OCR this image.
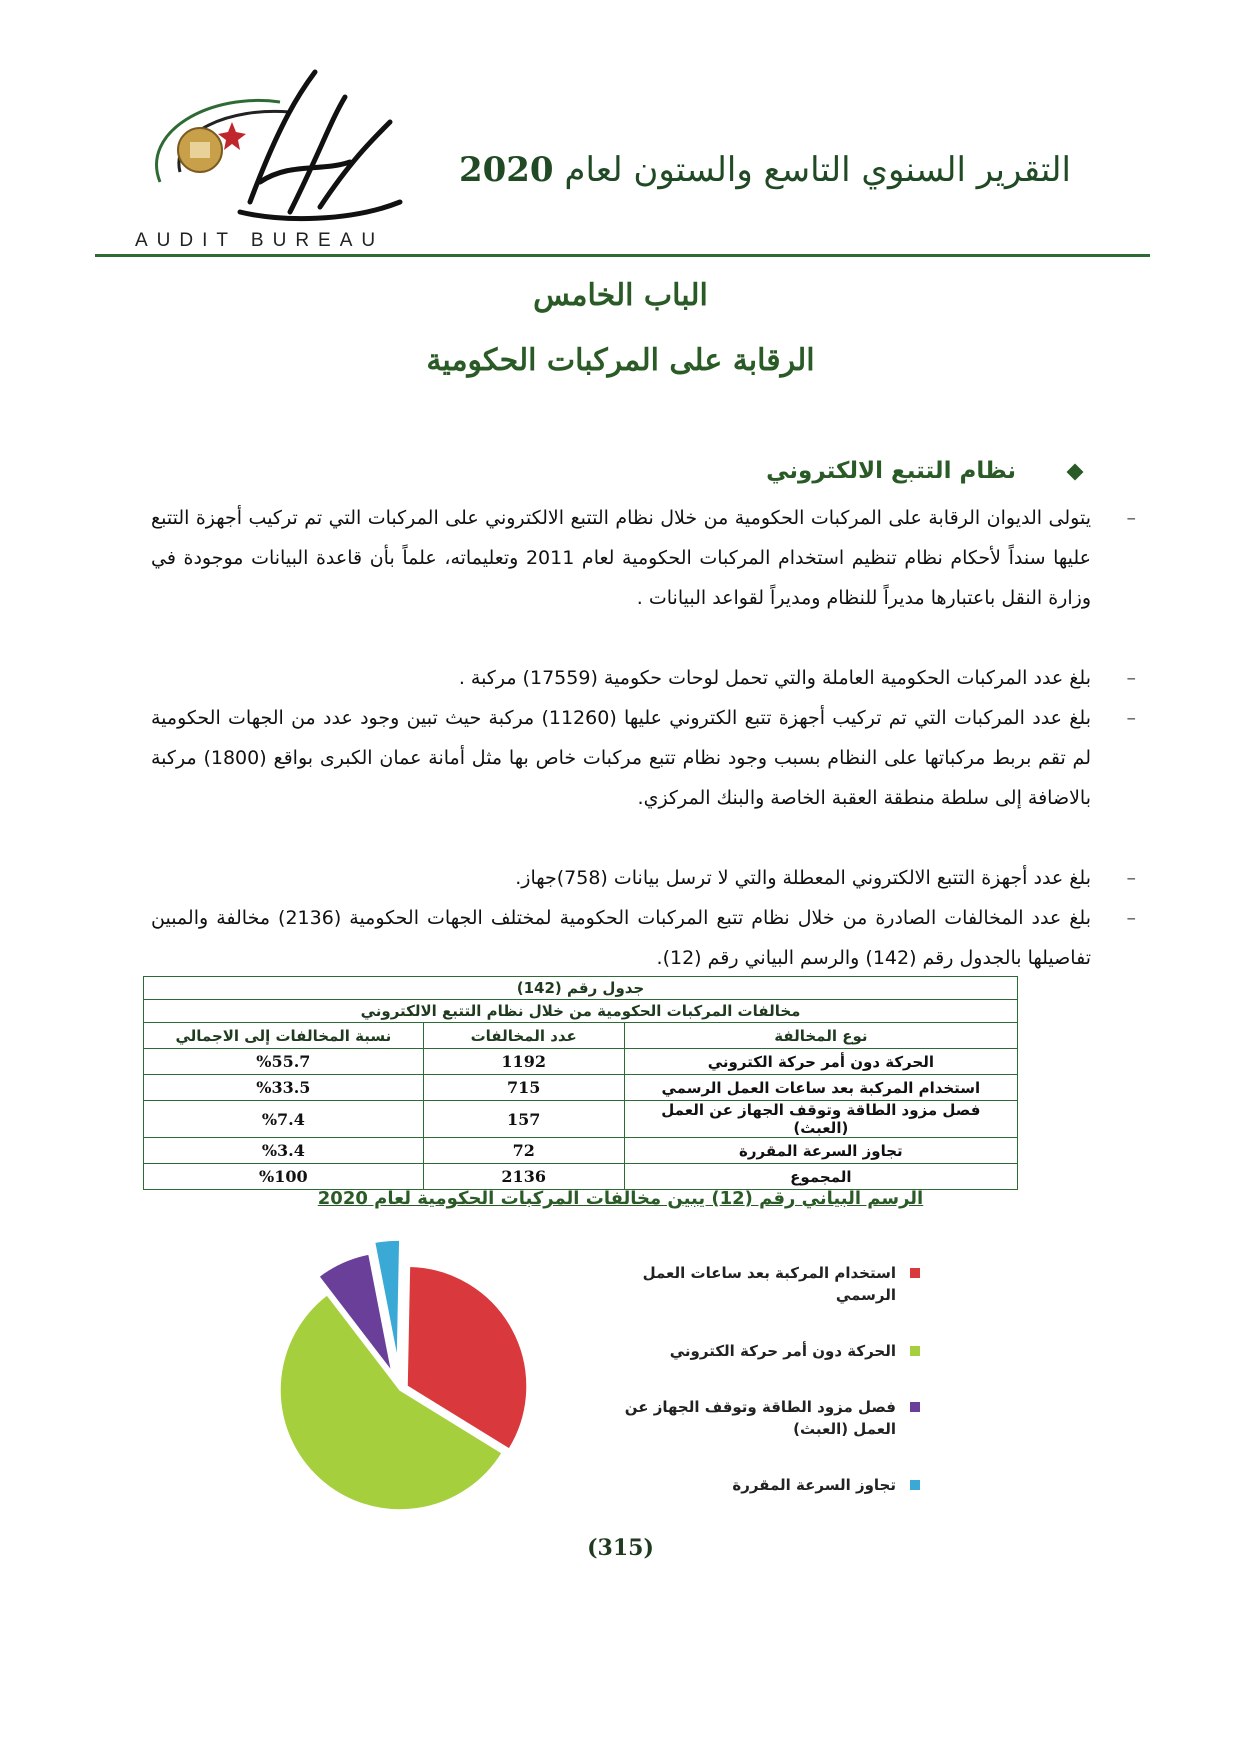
التقرير السنوي التاسع والستون لعام 2020
AUDIT BUREAU
الباب الخامس
الرقابة على المركبات الحكومية
نظام التتبع الالكتروني
–
يتولى الديوان الرقابة على المركبات الحكومية من خلال نظام التتبع الالكتروني على المركبات التي تم تركيب أجهزة التتبع عليها سنداً لأحكام نظام تنظيم استخدام المركبات الحكومية لعام 2011 وتعليماته، علماً بأن قاعدة البيانات موجودة في وزارة النقل باعتبارها مديراً للنظام ومديراً لقواعد البيانات .
–
بلغ عدد المركبات الحكومية العاملة والتي تحمل لوحات حكومية (17559) مركبة .
–
بلغ عدد المركبات التي تم تركيب أجهزة تتبع الكتروني عليها (11260) مركبة حيث تبين وجود عدد من الجهات الحكومية لم تقم بربط مركباتها على النظام بسبب وجود نظام تتبع مركبات خاص بها مثل أمانة عمان الكبرى بواقع (1800) مركبة بالاضافة إلى سلطة منطقة العقبة الخاصة والبنك المركزي.
–
بلغ عدد أجهزة التتبع الالكتروني المعطلة والتي لا ترسل بيانات (758)جهاز.
–
بلغ عدد المخالفات الصادرة من خلال نظام تتبع المركبات الحكومية لمختلف الجهات الحكومية (2136) مخالفة والمبين تفاصيلها بالجدول رقم (142) والرسم البياني رقم (12).
جدول رقم (142)		
مخالفات المركبات الحكومية من خلال نظام التتبع الالكتروني		
نوع المخالفة	عدد المخالفات	نسبة المخالفات إلى الاجمالي
الحركة دون أمر حركة الكتروني	1192	%55.7
استخدام المركبة بعد ساعات العمل الرسمي	715	%33.5
فصل مزود الطاقة وتوقف الجهاز عن العمل (العبث)	157	%7.4
تجاوز السرعة المقررة	72	%3.4
المجموع	2136	%100
الرسم البياني رقم (12) يبين مخالفات المركبات الحكومية لعام 2020
استخدام المركبة بعد ساعات العمل الرسمي
الحركة دون أمر حركة الكتروني
فصل مزود الطاقة وتوقف الجهاز عن العمل (العبث)
تجاوز السرعة المقررة
(315)
